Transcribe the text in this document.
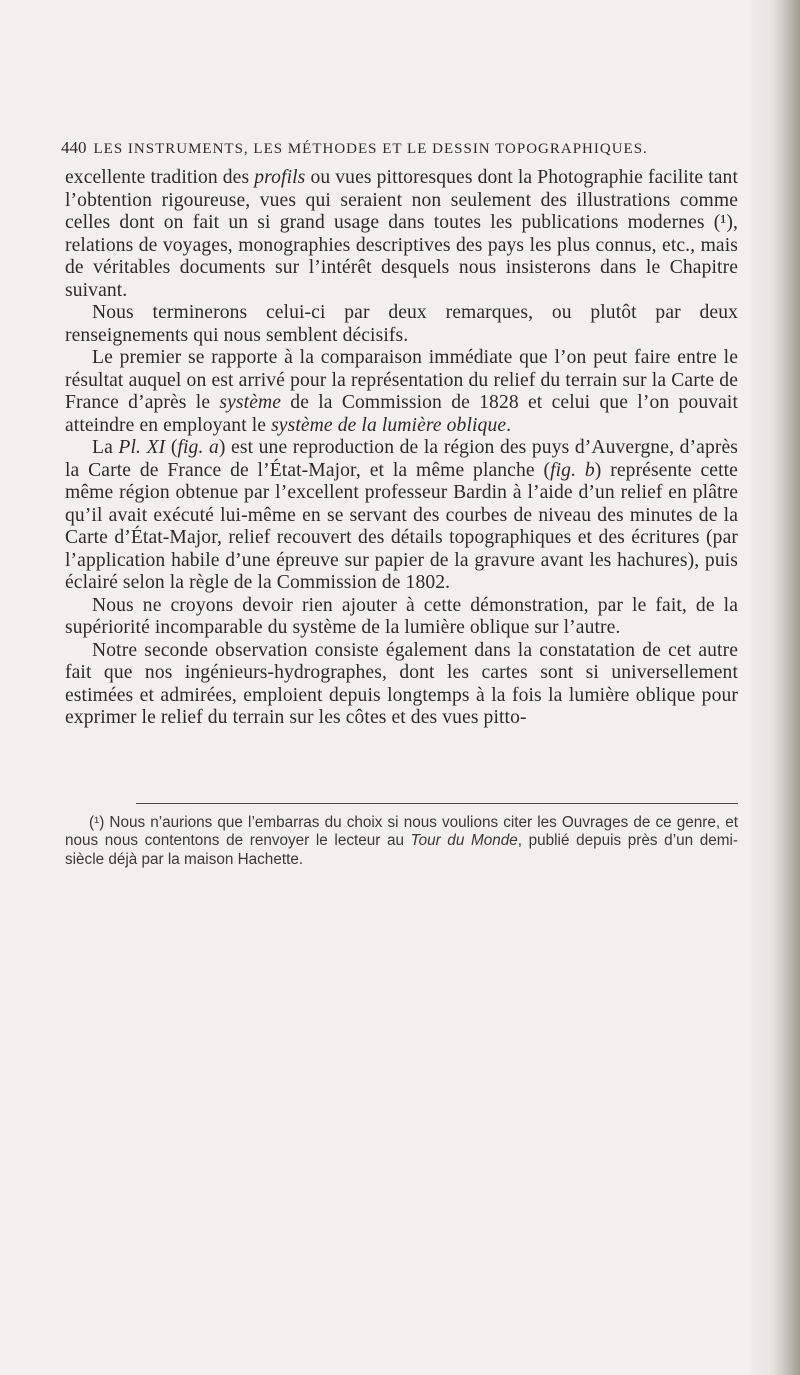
440 LES INSTRUMENTS, LES MÉTHODES ET LE DESSIN TOPOGRAPHIQUES.

excellente tradition des profils ou vues pittoresques dont la Photographie facilite tant l’obtention rigoureuse, vues qui seraient non seulement des illustrations comme celles dont on fait un si grand usage dans toutes les publications modernes (¹), relations de voyages, monographies descriptives des pays les plus connus, etc., mais de véritables documents sur l’intérêt desquels nous insisterons dans le Chapitre suivant.

Nous terminerons celui-ci par deux remarques, ou plutôt par deux renseignements qui nous semblent décisifs.

Le premier se rapporte à la comparaison immédiate que l’on peut faire entre le résultat auquel on est arrivé pour la représentation du relief du terrain sur la Carte de France d’après le système de la Commission de 1828 et celui que l’on pouvait atteindre en employant le système de la lumière oblique.

La Pl. XI (fig. a) est une reproduction de la région des puys d’Auvergne, d’après la Carte de France de l’État-Major, et la même planche (fig. b) représente cette même région obtenue par l’excellent professeur Bardin à l’aide d’un relief en plâtre qu’il avait exécuté lui-même en se servant des courbes de niveau des minutes de la Carte d’État-Major, relief recouvert des détails topographiques et des écritures (par l’application habile d’une épreuve sur papier de la gravure avant les hachures), puis éclairé selon la règle de la Commission de 1802.

Nous ne croyons devoir rien ajouter à cette démonstration, par le fait, de la supériorité incomparable du système de la lumière oblique sur l’autre.

Notre seconde observation consiste également dans la constatation de cet autre fait que nos ingénieurs-hydrographes, dont les cartes sont si universellement estimées et admirées, emploient depuis longtemps à la fois la lumière oblique pour exprimer le relief du terrain sur les côtes et des vues pitto-

(¹) Nous n’aurions que l’embarras du choix si nous voulions citer les Ouvrages de ce genre, et nous nous contentons de renvoyer le lecteur au Tour du Monde, publié depuis près d’un demi-siècle déjà par la maison Hachette.
